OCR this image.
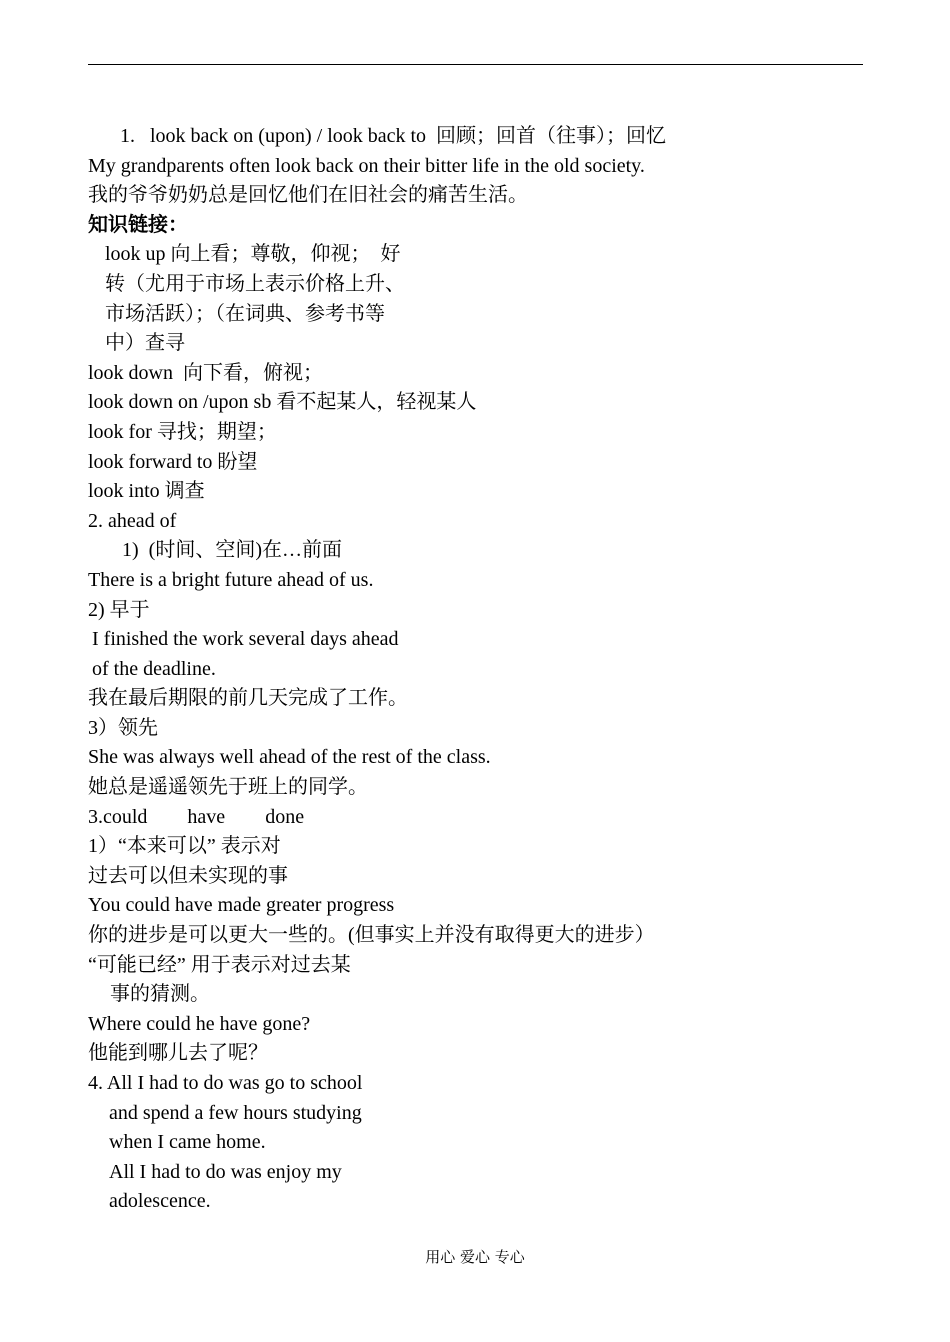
1.   look back on (upon) / look back to  回顾；回首（往事）；回忆
My grandparents often look back on their bitter life in the old society.
我的爷爷奶奶总是回忆他们在旧社会的痛苦生活。
知识链接：
look up 向上看；尊敬，仰视；  好
转（尤用于市场上表示价格上升、
市场活跃）；（在词典、参考书等
中）查寻
look down  向下看，俯视；
look down on /upon sb 看不起某人，轻视某人
look for 寻找；期望；
look forward to 盼望
look into 调查
2. ahead of
1)  (时间、空间)在…前面
There is a bright future ahead of us.
2) 早于
I finished the work several days ahead
of the deadline.
我在最后期限的前几天完成了工作。
3）领先
She was always well ahead of the rest of the class.
她总是遥遥领先于班上的同学。
3.could        have        done
1）“本来可以” 表示对
过去可以但未实现的事
You could have made greater progress
你的进步是可以更大一些的。(但事实上并没有取得更大的进步）
“可能已经” 用于表示对过去某
事的猜测。
Where could he have gone?
他能到哪儿去了呢？
4. All I had to do was go to school
and spend a few hours studying
when I came home.
All I had to do was enjoy my
adolescence.
用心 爱心 专心
